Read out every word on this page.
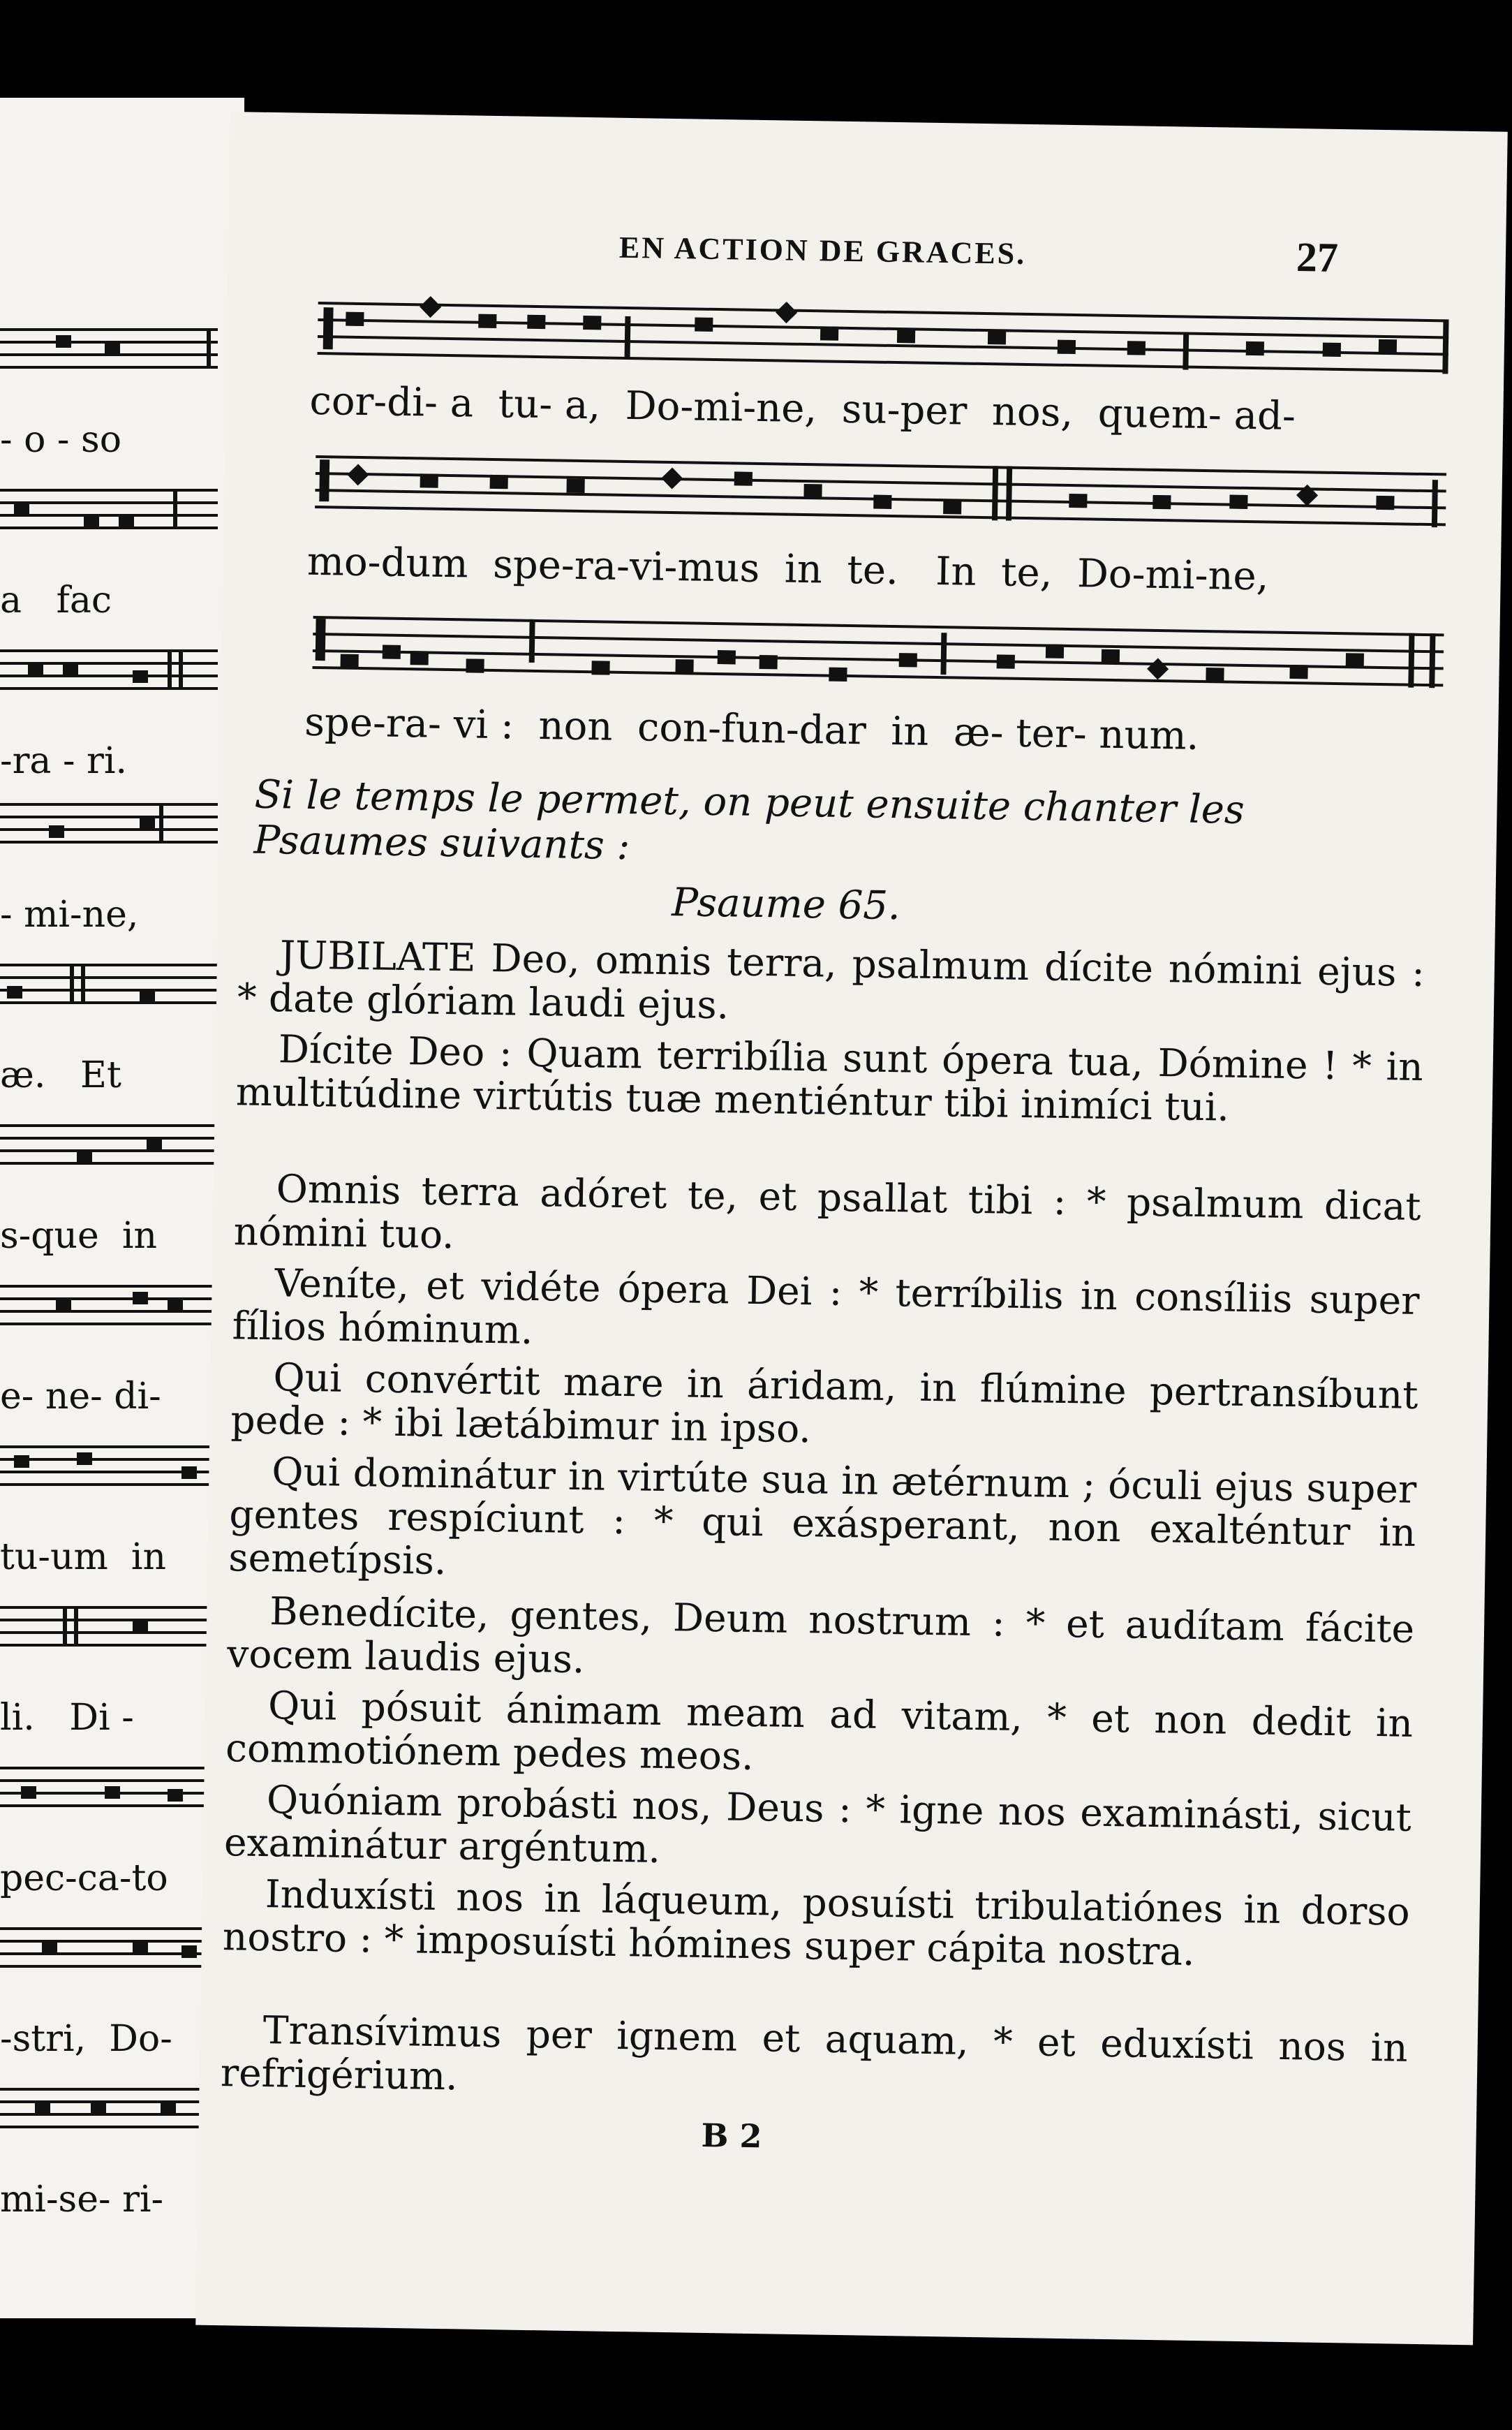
- o - so
a   fac
-ra - ri.
- mi-ne,
æ.   Et
s-que  in
e- ne- di-
tu-um  in
li.   Di -
pec-ca-to
-stri,  Do-
mi-se- ri-
EN ACTION DE GRACES.	27
cor-di- a  tu- a,  Do-mi-ne,  su-per  nos,  quem- ad-
mo-dum  spe-ra-vi-mus  in  te.   In  te,  Do-mi-ne,
spe-ra- vi :  non  con-fun-dar  in  æ- ter- num.
Si le temps le permet, on peut ensuite chanter les Psaumes suivants :
Psaume 65.

JUBILATE Deo, omnis terra, psalmum dícite nómini ejus : * date glóriam laudi ejus.

Dícite Deo : Quam terribília sunt ópera tua, Dómine ! * in multitúdine virtútis tuæ mentiéntur tibi inimíci tui.

Omnis terra adóret te, et psallat tibi : * psalmum dicat nómini tuo.

Veníte, et vidéte ópera Dei : * terríbilis in consíliis super fílios hóminum.

Qui convértit mare in áridam, in flúmine pertransíbunt pede : * ibi lætábimur in ipso.

Qui dominátur in virtúte sua in ætérnum ; óculi ejus super gentes respíciunt : * qui exásperant, non exalténtur in semetípsis.

Benedícite, gentes, Deum nostrum : * et audítam fácite vocem laudis ejus.

Qui pósuit ánimam meam ad vitam, * et non dedit in commotiónem pedes meos.

Quóniam probásti nos, Deus : * igne nos examinásti, sicut examinátur argéntum.

Induxísti nos in láqueum, posuísti tribulatiónes in dorso nostro : * imposuísti hómines super cápita nostra.

Transívimus per ignem et aquam, * et eduxísti nos in refrigérium.

B 2
